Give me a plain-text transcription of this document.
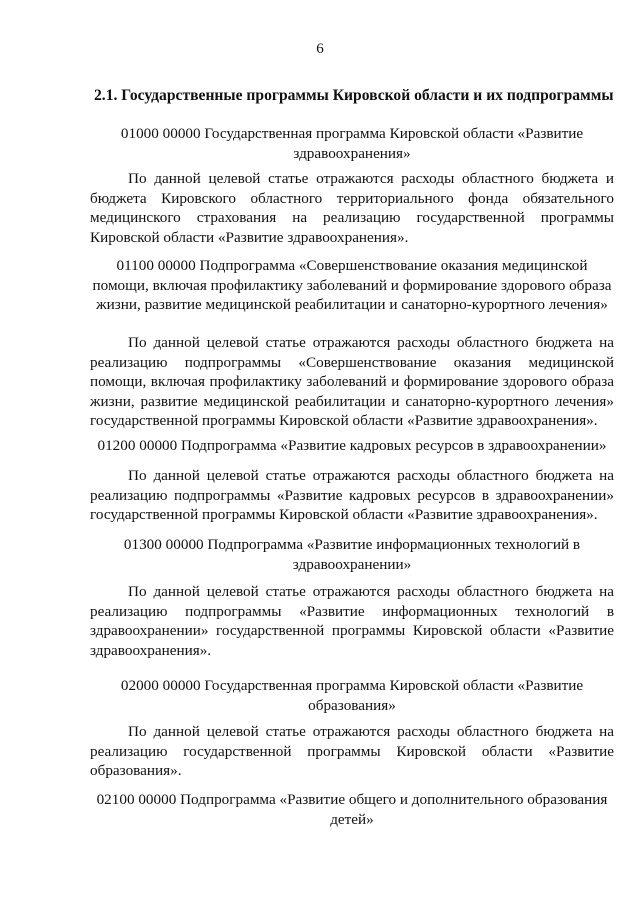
6
2.1. Государственные программы Кировской области и их подпрограммы
01000 00000 Государственная программа Кировской области «Развитие здравоохранения»
По данной целевой статье отражаются расходы областного бюджета и бюджета Кировского областного территориального фонда обязательного медицинского страхования на реализацию государственной программы Кировской области «Развитие здравоохранения».
01100 00000 Подпрограмма «Совершенствование оказания медицинской помощи, включая профилактику заболеваний и формирование здорового образа жизни, развитие медицинской реабилитации и санаторно-курортного лечения»
По данной целевой статье отражаются расходы областного бюджета на реализацию подпрограммы «Совершенствование оказания медицинской помощи, включая профилактику заболеваний и формирование здорового образа жизни, развитие медицинской реабилитации и санаторно-курортного лечения» государственной программы Кировской области «Развитие здравоохранения».
01200 00000 Подпрограмма «Развитие кадровых ресурсов в здравоохранении»
По данной целевой статье отражаются расходы областного бюджета на реализацию подпрограммы «Развитие кадровых ресурсов в здравоохранении» государственной программы Кировской области «Развитие здравоохранения».
01300 00000 Подпрограмма «Развитие информационных технологий в здравоохранении»
По данной целевой статье отражаются расходы областного бюджета на реализацию подпрограммы «Развитие информационных технологий в здравоохранении» государственной программы Кировской области «Развитие здравоохранения».
02000 00000 Государственная программа Кировской области «Развитие образования»
По данной целевой статье отражаются расходы областного бюджета на реализацию государственной программы Кировской области «Развитие образования».
02100 00000 Подпрограмма «Развитие общего и дополнительного образования детей»
